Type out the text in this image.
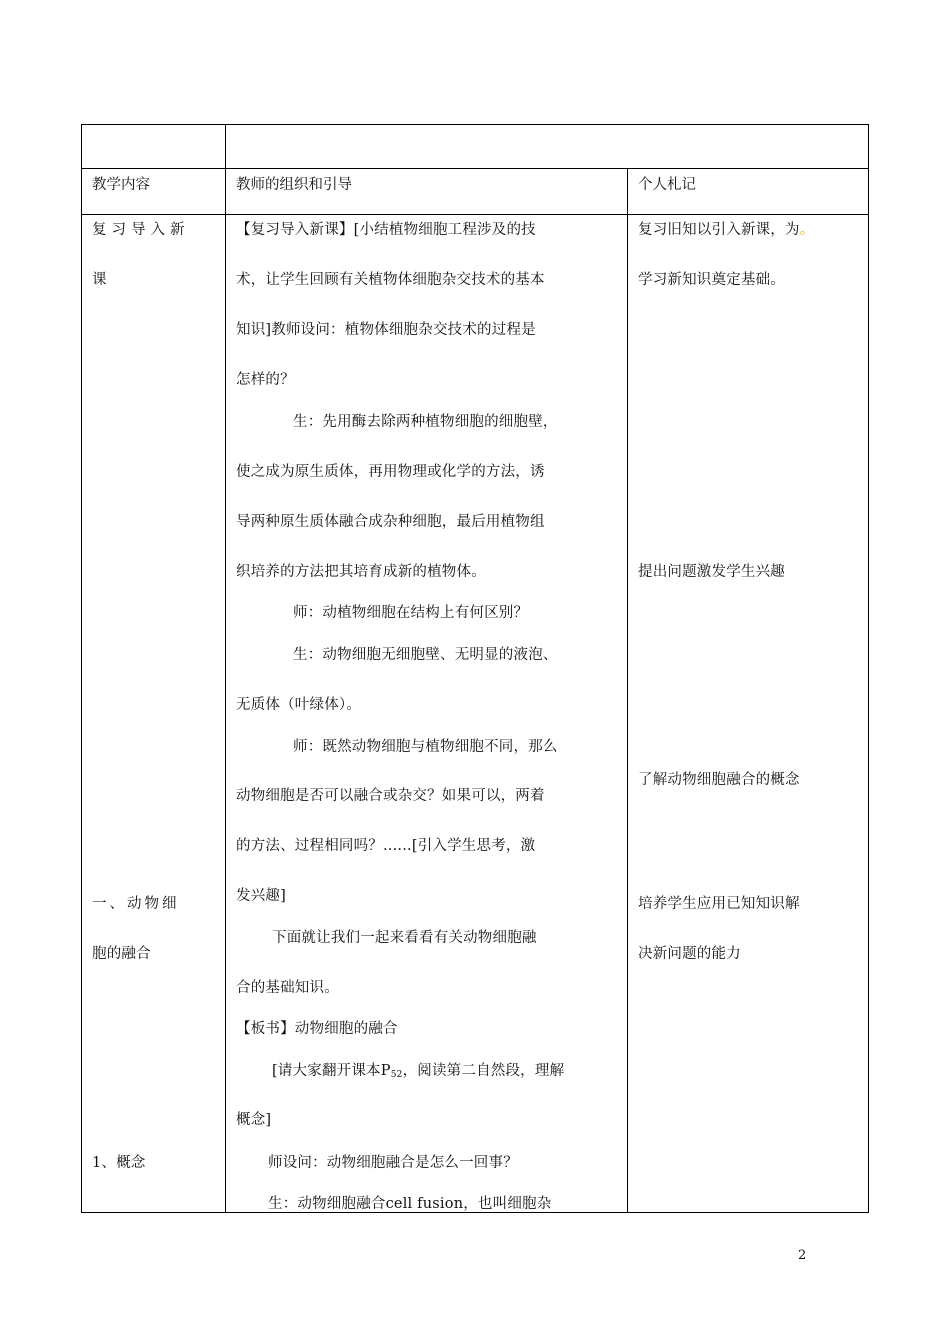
教学内容	教师的组织和引导	个人札记
复习导入新
课
一、动物细
胞的融合
1、概念
【复习导入新课】[小结植物细胞工程涉及的技
术，让学生回顾有关植物体细胞杂交技术的基本
知识]教师设问：植物体细胞杂交技术的过程是
怎样的？
生：先用酶去除两种植物细胞的细胞壁，
使之成为原生质体，再用物理或化学的方法，诱
导两种原生质体融合成杂种细胞，最后用植物组
织培养的方法把其培育成新的植物体。
师：动植物细胞在结构上有何区别？
生：动物细胞无细胞壁、无明显的液泡、
无质体（叶绿体）。
师：既然动物细胞与植物细胞不同，那么
动物细胞是否可以融合或杂交？如果可以，两着
的方法、过程相同吗？......[引入学生思考，激
发兴趣]
下面就让我们一起来看看有关动物细胞融
合的基础知识。
【板书】动物细胞的融合
[请大家翻开课本$P_{52}$，阅读第二自然段，理解
概念]
师设问：动物细胞融合是怎么一回事？
生：动物细胞融合cell fusion，也叫细胞杂
复习旧知以引入新课，为。
学习新知识奠定基础。
提出问题激发学生兴趣
了解动物细胞融合的概念
培养学生应用已知知识解
决新问题的能力
2
